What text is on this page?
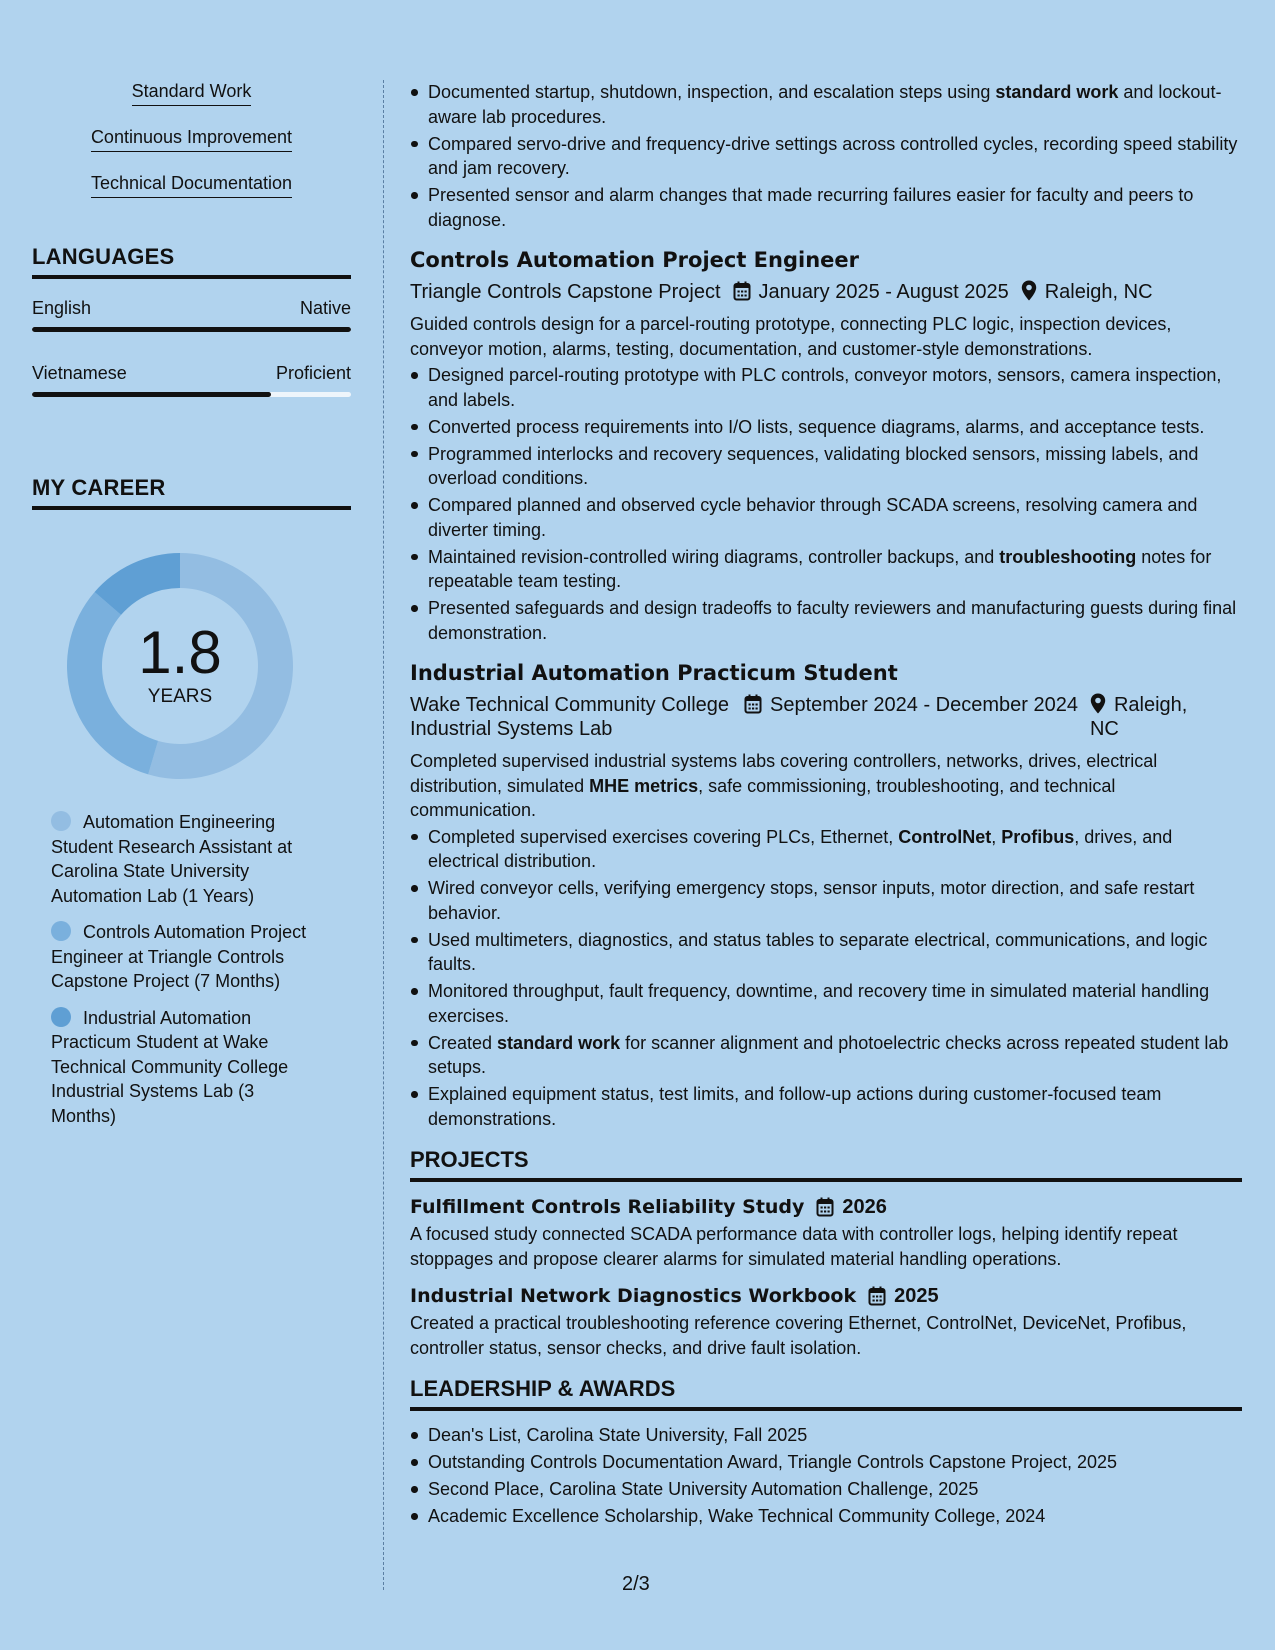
Standard Work
Continuous Improvement
Technical Documentation
LANGUAGES
English	Native
Vietnamese	Proficient
MY CAREER
1.8
YEARS
Automation Engineering Student Research Assistant at Carolina State University Automation Lab (1 Years)
Controls Automation Project Engineer at Triangle Controls Capstone Project (7 Months)
Industrial Automation Practicum Student at Wake Technical Community College Industrial Systems Lab (3 Months)
Documented startup, shutdown, inspection, and escalation steps using standard work and lockout-aware lab procedures.
Compared servo-drive and frequency-drive settings across controlled cycles, recording speed stability and jam recovery.
Presented sensor and alarm changes that made recurring failures easier for faculty and peers to diagnose.
Controls Automation Project Engineer
Triangle Controls Capstone Project	January 2025 - August 2025	Raleigh, NC

Guided controls design for a parcel-routing prototype, connecting PLC logic, inspection devices, conveyor motion, alarms, testing, documentation, and customer-style demonstrations.

Designed parcel-routing prototype with PLC controls, conveyor motors, sensors, camera inspection, and labels.
Converted process requirements into I/O lists, sequence diagrams, alarms, and acceptance tests.
Programmed interlocks and recovery sequences, validating blocked sensors, missing labels, and overload conditions.
Compared planned and observed cycle behavior through SCADA screens, resolving camera and diverter timing.
Maintained revision-controlled wiring diagrams, controller backups, and troubleshooting notes for repeatable team testing.
Presented safeguards and design tradeoffs to faculty reviewers and manufacturing guests during final demonstration.
Industrial Automation Practicum Student
Wake Technical Community College Industrial Systems Lab
September 2024 - December 2024	Raleigh, NC

Completed supervised industrial systems labs covering controllers, networks, drives, electrical distribution, simulated MHE metrics, safe commissioning, troubleshooting, and technical communication.

Completed supervised exercises covering PLCs, Ethernet, ControlNet, Profibus, drives, and electrical distribution.
Wired conveyor cells, verifying emergency stops, sensor inputs, motor direction, and safe restart behavior.
Used multimeters, diagnostics, and status tables to separate electrical, communications, and logic faults.
Monitored throughput, fault frequency, downtime, and recovery time in simulated material handling exercises.
Created standard work for scanner alignment and photoelectric checks across repeated student lab setups.
Explained equipment status, test limits, and follow-up actions during customer-focused team demonstrations.
PROJECTS
Fulfillment Controls Reliability Study 2026

A focused study connected SCADA performance data with controller logs, helping identify repeat stoppages and propose clearer alarms for simulated material handling operations.

Industrial Network Diagnostics Workbook 2025

Created a practical troubleshooting reference covering Ethernet, ControlNet, DeviceNet, Profibus, controller status, sensor checks, and drive fault isolation.

LEADERSHIP & AWARDS
Dean's List, Carolina State University, Fall 2025
Outstanding Controls Documentation Award, Triangle Controls Capstone Project, 2025
Second Place, Carolina State University Automation Challenge, 2025
Academic Excellence Scholarship, Wake Technical Community College, 2024
2/3
